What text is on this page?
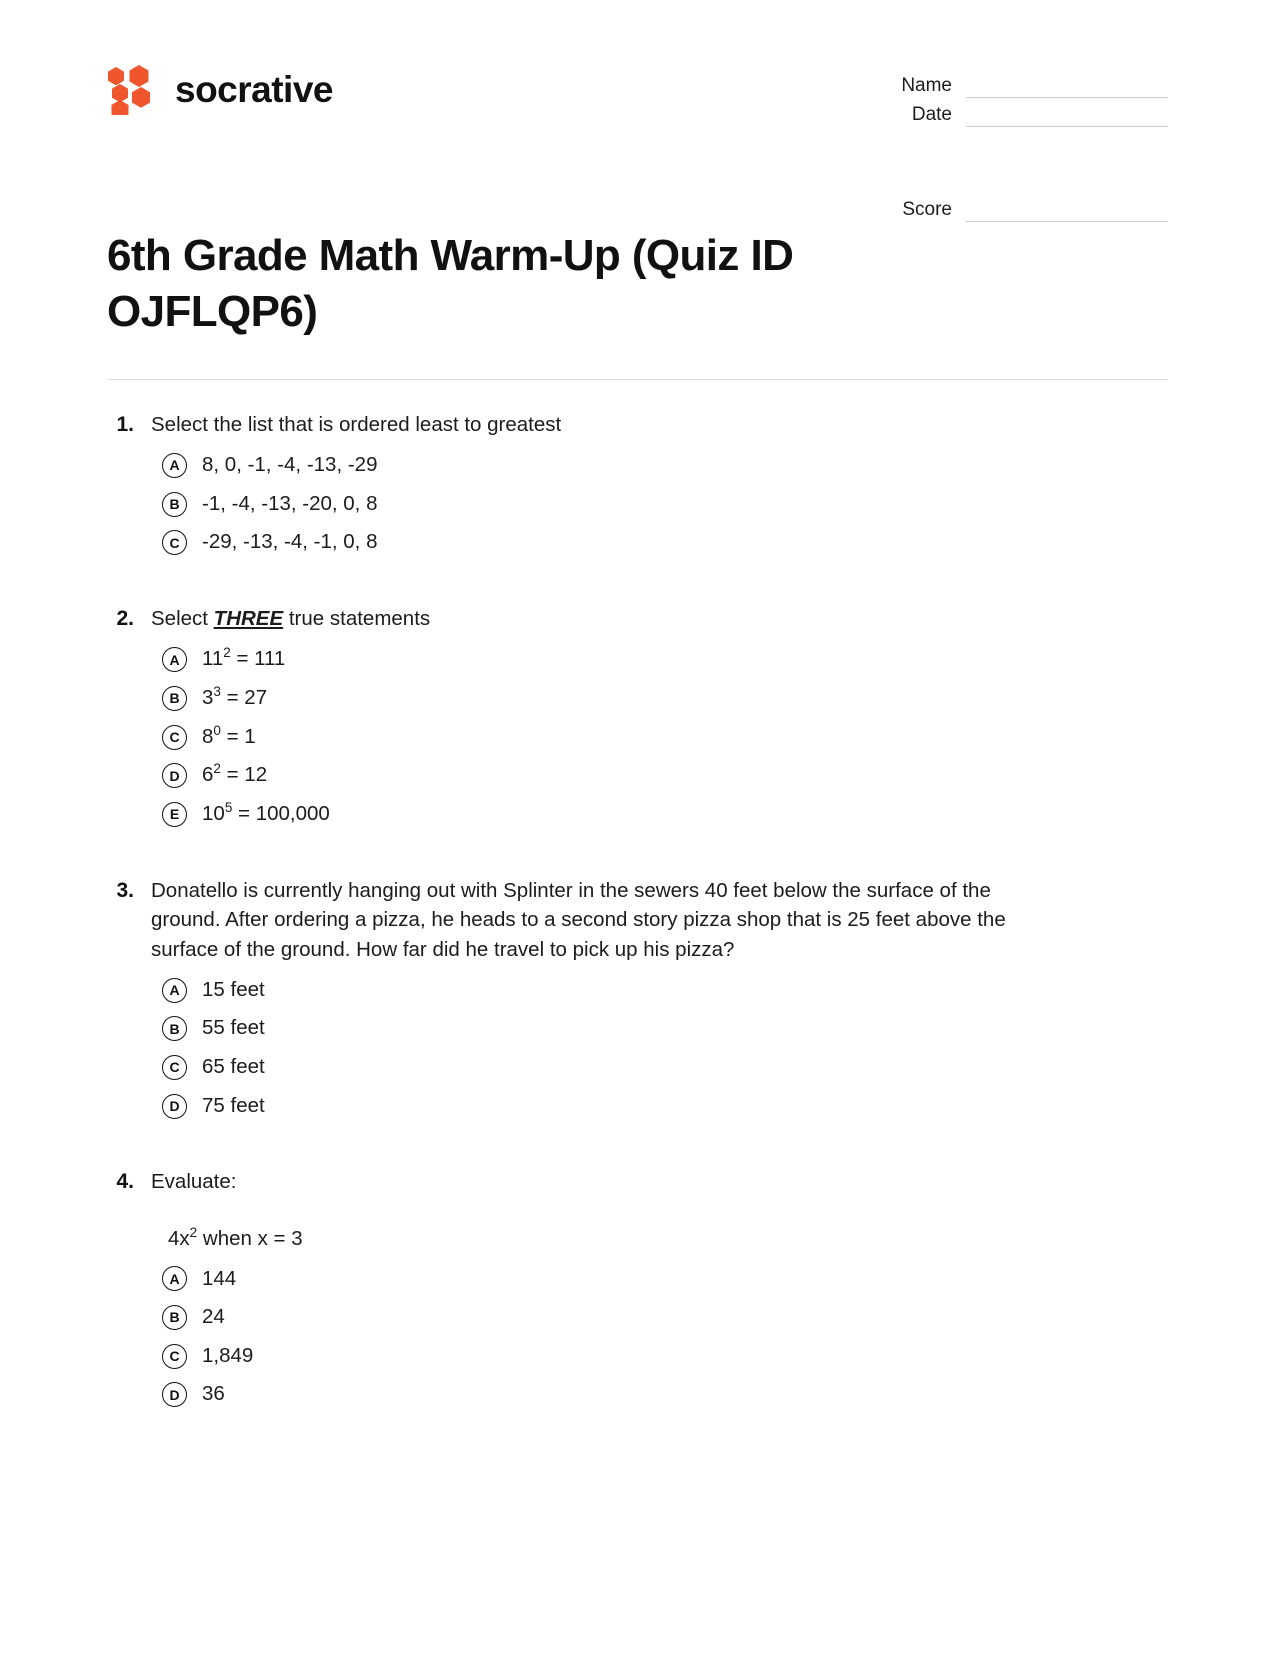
socrative	Name
Date
Score
6th Grade Math Warm-Up (Quiz ID OJFLQP6)
1. Select the list that is ordered least to greatest
A	8, 0, -1, -4, -13, -29
B	-1, -4, -13, -20, 0, 8
C	-29, -13, -4, -1, 0, 8
2. Select THREE true statements
A	$11^2 = 111$
B	$3^3 = 27$
C	$8^0 = 1$
D	$6^2 = 12$
E	$10^5 = 100,000$
3. Donatello is currently hanging out with Splinter in the sewers 40 feet below the surface of the ground. After ordering a pizza, he heads to a second story pizza shop that is 25 feet above the surface of the ground. How far did he travel to pick up his pizza?
A	15 feet
B	55 feet
C	65 feet
D	75 feet
4. Evaluate:
$4x^2$ when x = 3
A	144
B	24
C	1,849
D	36
